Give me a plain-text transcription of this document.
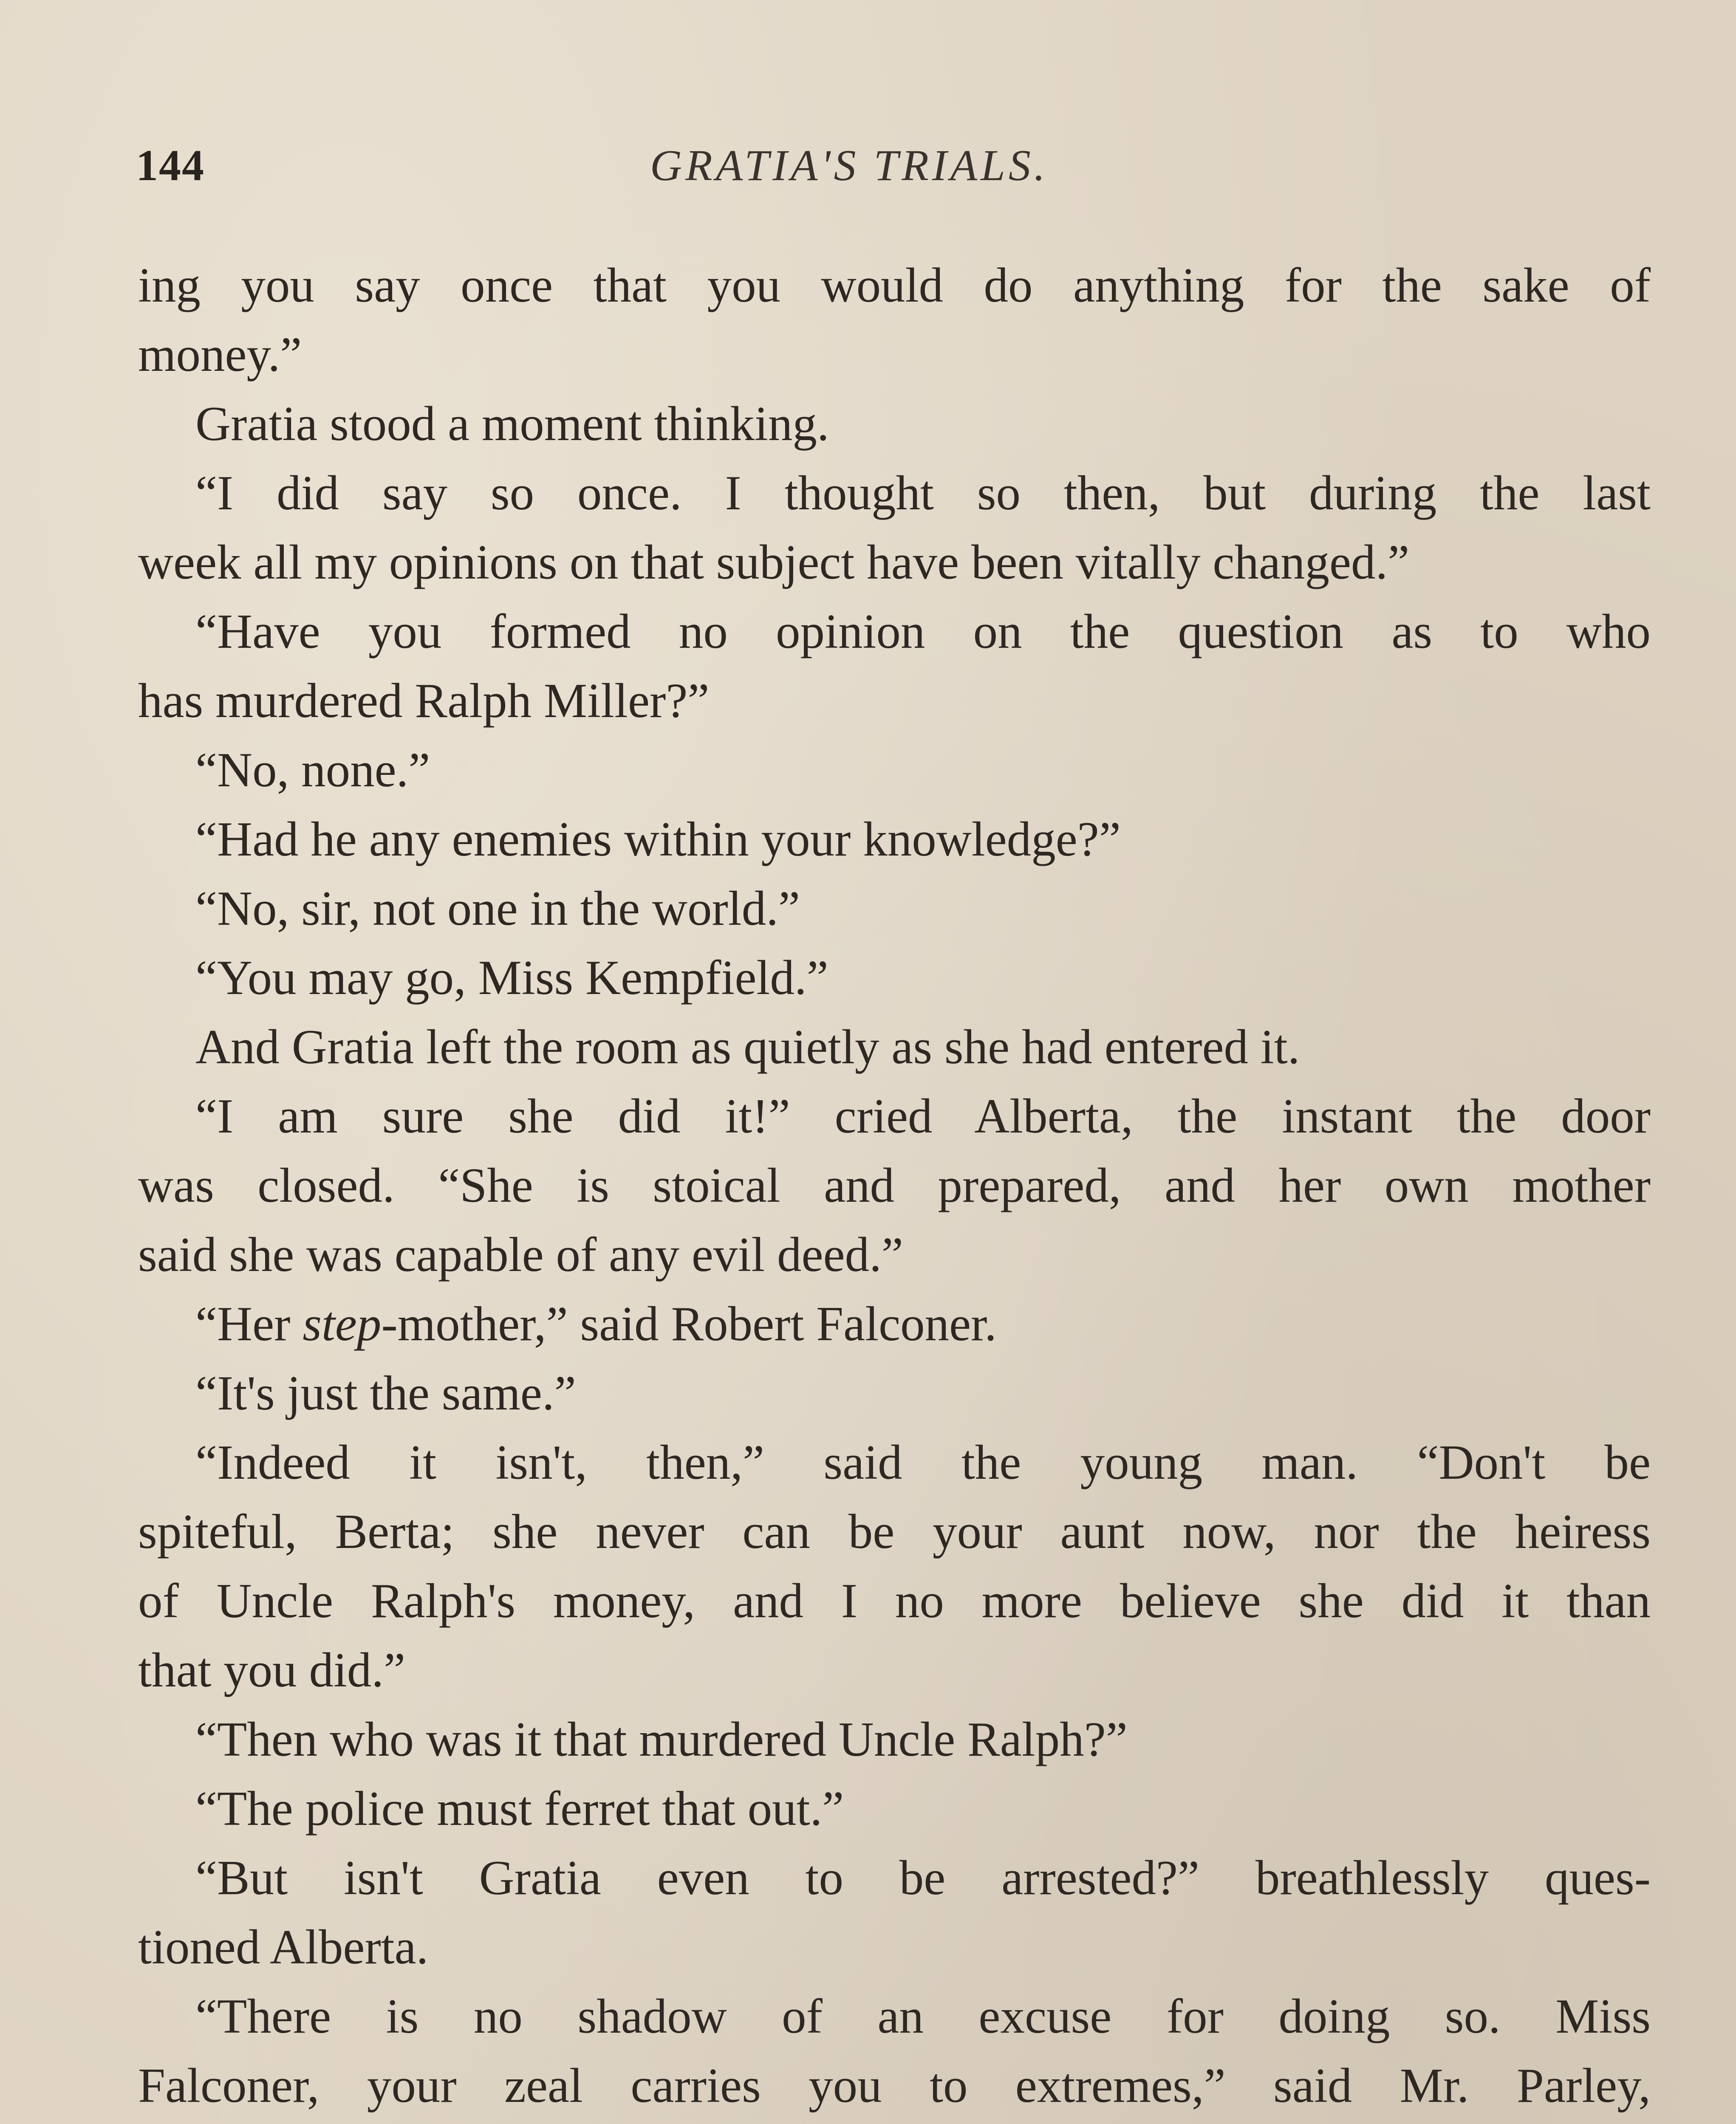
144	GRATIA'S TRIALS.
ing you say once that you would do anything for the sake of
money.”
Gratia stood a moment thinking.
“I did say so once. I thought so then, but during the last
week all my opinions on that subject have been vitally changed.”
“Have you formed no opinion on the question as to who
has murdered Ralph Miller?”
“No, none.”
“Had he any enemies within your knowledge?”
“No, sir, not one in the world.”
“You may go, Miss Kempfield.”
And Gratia left the room as quietly as she had entered it.
“I am sure she did it!” cried Alberta, the instant the door
was closed. “She is stoical and prepared, and her own mother
said she was capable of any evil deed.”
“Her step-mother,” said Robert Falconer.
“It's just the same.”
“Indeed it isn't, then,” said the young man. “Don't be
spiteful, Berta; she never can be your aunt now, nor the heiress
of Uncle Ralph's money, and I no more believe she did it than
that you did.”
“Then who was it that murdered Uncle Ralph?”
“The police must ferret that out.”
“But isn't Gratia even to be arrested?” breathlessly ques-
tioned Alberta.
“There is no shadow of an excuse for doing so. Miss
Falconer, your zeal carries you to extremes,” said Mr. Parley,
